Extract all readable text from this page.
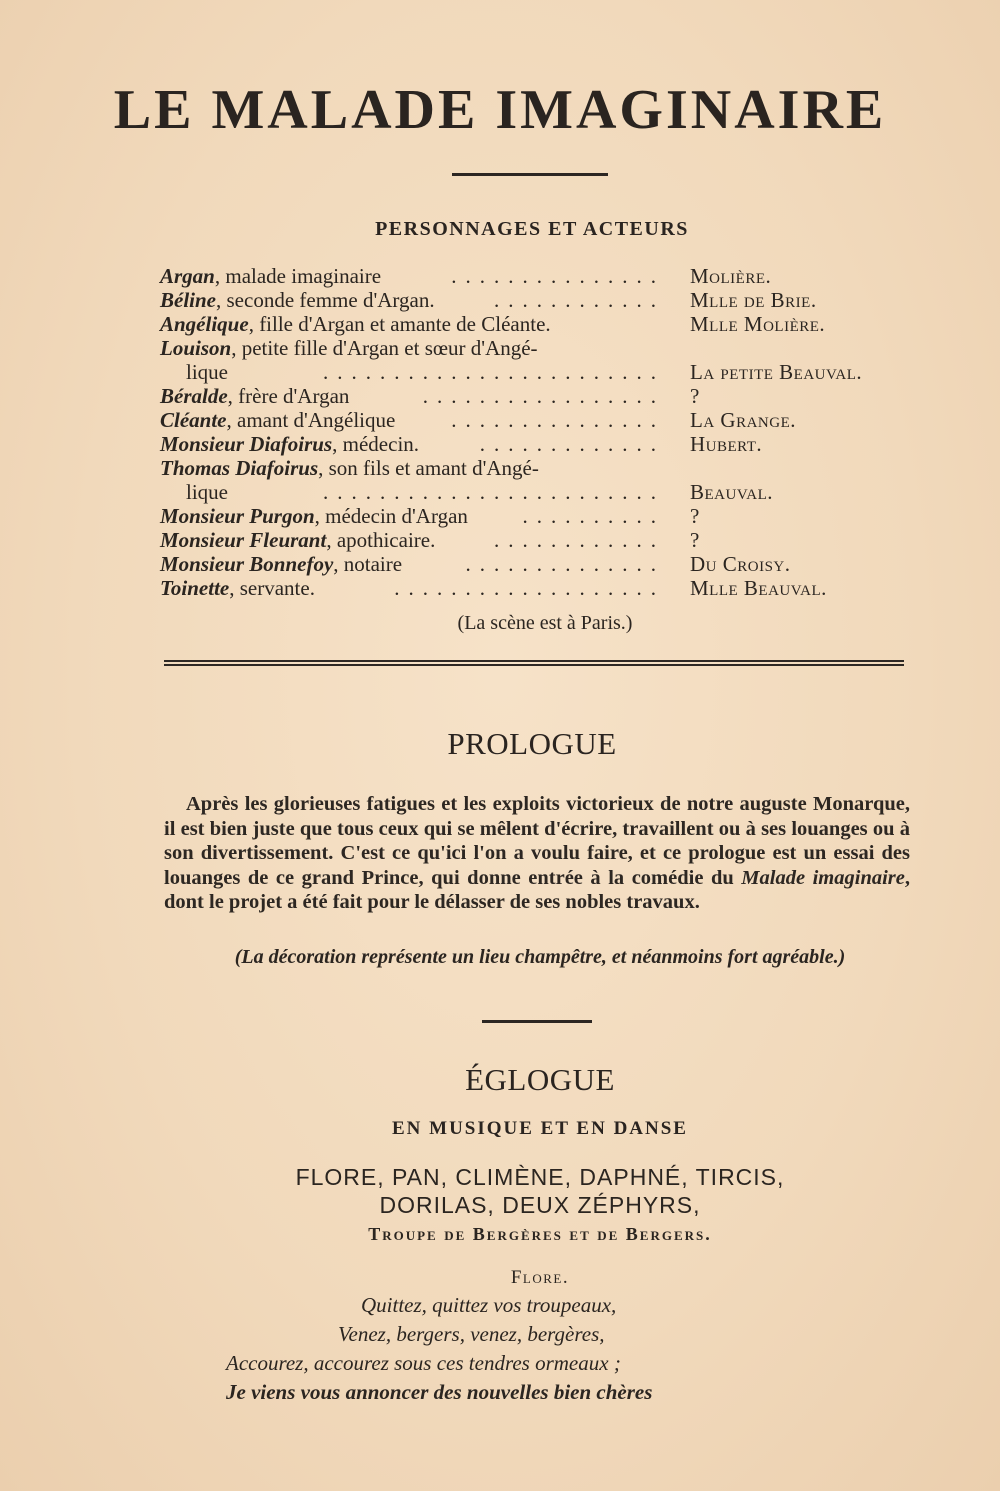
LE MALADE IMAGINAIRE
PERSONNAGES ET ACTEURS
Argan, malade imaginaire	Molière.
...............
Béline, seconde femme d'Argan.	Mlle de Brie.
............
Angélique, fille d'Argan et amante de Cléante.	Mlle Molière.
Louison, petite fille d'Argan et sœur d'Angé-
lique	La petite Beauval.
........................
Béralde, frère d'Argan	?
.................
Cléante, amant d'Angélique	La Grange.
...............
Monsieur Diafoirus, médecin.	Hubert.
.............
Thomas Diafoirus, son fils et amant d'Angé-
lique	Beauval.
........................
Monsieur Purgon, médecin d'Argan	?
..........
Monsieur Fleurant, apothicaire.	?
............
Monsieur Bonnefoy, notaire	Du Croisy.
..............
Toinette, servante.	Mlle Beauval.
...................
(La scène est à Paris.)
PROLOGUE

Après les glorieuses fatigues et les exploits victorieux de notre auguste Monarque, il est bien juste que tous ceux qui se mêlent d'écrire, travaillent ou à ses louanges ou à son divertissement. C'est ce qu'ici l'on a voulu faire, et ce prologue est un essai des louanges de ce grand Prince, qui donne entrée à la comédie du Malade imaginaire, dont le projet a été fait pour le délasser de ses nobles travaux.

(La décoration représente un lieu champêtre, et néanmoins fort agréable.)
ÉGLOGUE
EN MUSIQUE ET EN DANSE
FLORE, PAN, CLIMÈNE, DAPHNÉ, TIRCIS,
DORILAS, DEUX ZÉPHYRS,
Troupe de Bergères et de Bergers.
Flore.
Quittez, quittez vos troupeaux,
Venez, bergers, venez, bergères,
Accourez, accourez sous ces tendres ormeaux ;
Je viens vous annoncer des nouvelles bien chères
